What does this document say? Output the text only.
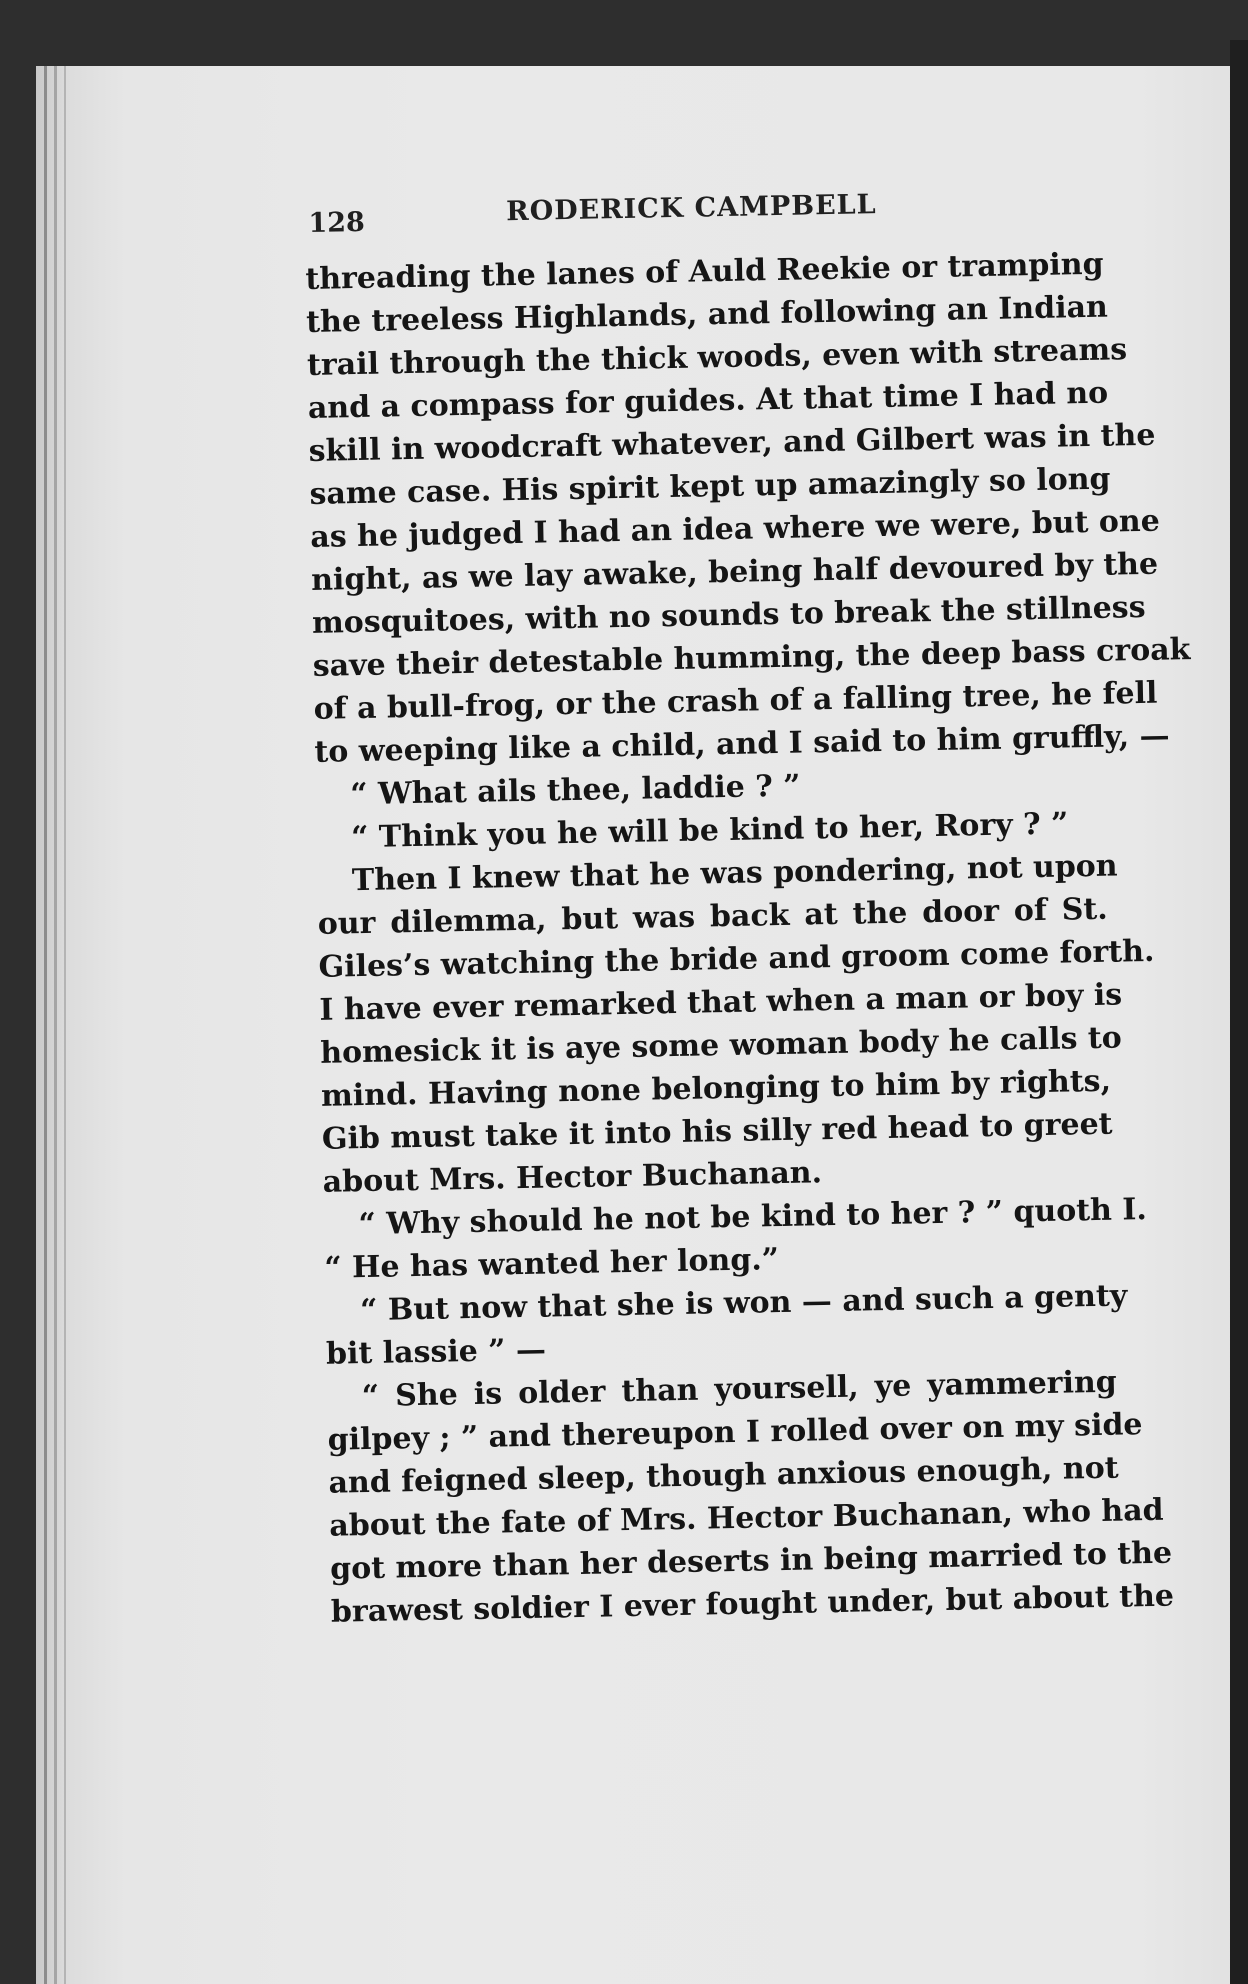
128	RODERICK CAMPBELL
threading the lanes of Auld Reekie or tramping
the treeless Highlands, and following an Indian
trail through the thick woods, even with streams
and a compass for guides. At that time I had no
skill in woodcraft whatever, and Gilbert was in the
same case. His spirit kept up amazingly so long
as he judged I had an idea where we were, but one
night, as we lay awake, being half devoured by the
mosquitoes, with no sounds to break the stillness
save their detestable humming, the deep bass croak
of a bull-frog, or the crash of a falling tree, he fell
to weeping like a child, and I said to him gruffly, —
“ What ails thee, laddie ? ”
“ Think you he will be kind to her, Rory ? ”
Then I knew that he was pondering, not upon
our dilemma, but was back at the door of St.
Giles’s watching the bride and groom come forth.
I have ever remarked that when a man or boy is
homesick it is aye some woman body he calls to
mind. Having none belonging to him by rights,
Gib must take it into his silly red head to greet
about Mrs. Hector Buchanan.
“ Why should he not be kind to her ? ” quoth I.
“ He has wanted her long.”
“ But now that she is won — and such a genty
bit lassie ” —
“ She is older than yoursell, ye yammering
gilpey ; ” and thereupon I rolled over on my side
and feigned sleep, though anxious enough, not
about the fate of Mrs. Hector Buchanan, who had
got more than her deserts in being married to the
brawest soldier I ever fought under, but about the
